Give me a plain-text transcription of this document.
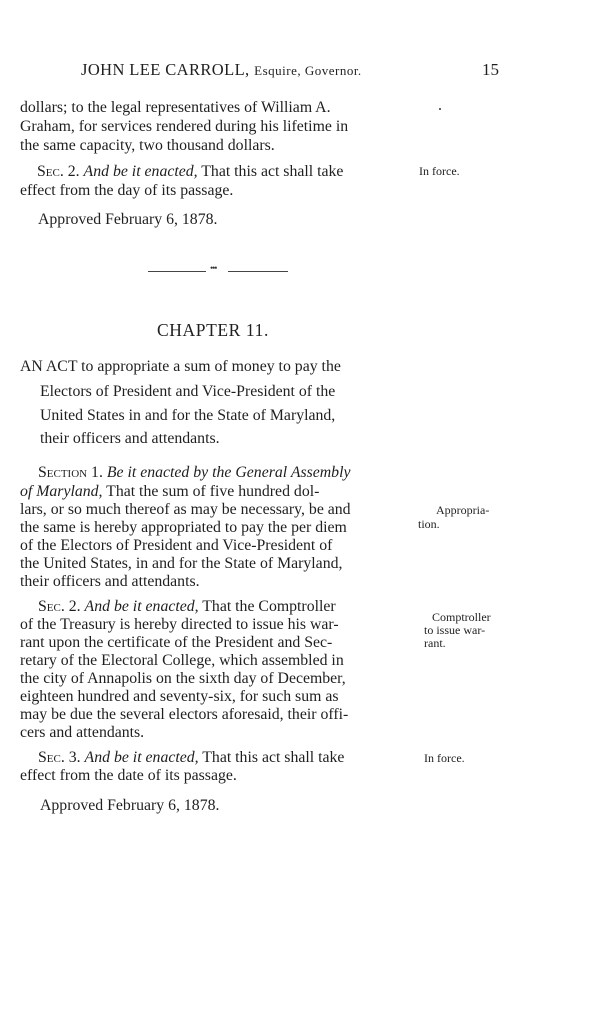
JOHN LEE CARROLL, Esquire, Governor.	15
dollars; to the legal representatives of William A.
Graham, for services rendered during his lifetime in
the same capacity, two thousand dollars.
Sec. 2. And be it enacted, That this act shall take
effect from the day of its passage.
In force.
Approved February 6, 1878.
•••
CHAPTER 11.
AN ACT to appropriate a sum of money to pay the
Electors of President and Vice-President of the
United States in and for the State of Maryland,
their officers and attendants.
Section 1. Be it enacted by the General Assembly
of Maryland, That the sum of five hundred dol-
lars, or so much thereof as may be necessary, be and
the same is hereby appropriated to pay the per diem
of the Electors of President and Vice-President of
the United States, in and for the State of Maryland,
their officers and attendants.
Appropria-
tion.
Sec. 2. And be it enacted, That the Comptroller
of the Treasury is hereby directed to issue his war-
rant upon the certificate of the President and Sec-
retary of the Electoral College, which assembled in
the city of Annapolis on the sixth day of December,
eighteen hundred and seventy-six, for such sum as
may be due the several electors aforesaid, their offi-
cers and attendants.
Comptroller
to issue war-
rant.
Sec. 3. And be it enacted, That this act shall take
effect from the date of its passage.
In force.
Approved February 6, 1878.
